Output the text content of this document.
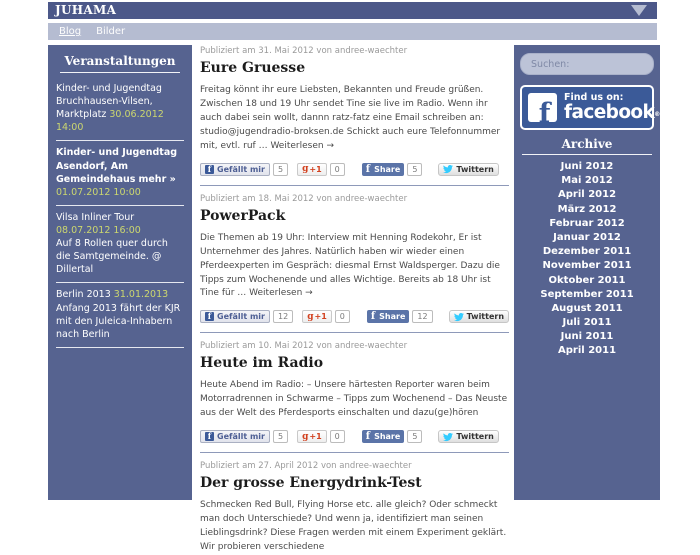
JUHAMA
Blog Bilder
Veranstaltungen
Kinder- und Jugendtag Bruchhausen-Vilsen, Marktplatz 30.06.2012 14:00
Kinder- und Jugendtag Asendorf, Am Gemeindehaus mehr » 01.07.2012 10:00
Vilsa Inliner Tour 08.07.2012 16:00
Auf 8 Rollen quer durch die Samtgemeinde. @ Dillertal
Berlin 2013 31.01.2013
Anfang 2013 fährt der KJR mit den Juleica-Inhabern nach Berlin
Publiziert am 31. Mai 2012 von andree-waechter
Eure Gruesse

Freitag könnt ihr eure Liebsten, Bekannten und Freude grüßen. Zwischen 18 und 19 Uhr sendet Tine sie live im Radio. Wenn ihr auch dabei sein wollt, dannn ratz-fatz eine Email schreiben an: studio@jugendradio-broksen.de Schickt auch eure Telefonnummer mit, evtl. ruf … Weiterlesen →

f Gefällt mir	5	g +1	0	f Share	5	Twittern
Publiziert am 18. Mai 2012 von andree-waechter
PowerPack

Die Themen ab 19 Uhr: Interview mit Henning Rodekohr, Er ist Unternehmer des Jahres. Natürlich haben wir wieder einen Pferdeexperten im Gespräch: diesmal Ernst Waldsperger. Dazu die Tipps zum Wochenende und alles Wichtige. Bereits ab 18 Uhr ist Tine für … Weiterlesen →

f Gefällt mir	12	g +1	0	f Share	12	Twittern
Publiziert am 10. Mai 2012 von andree-waechter
Heute im Radio

Heute Abend im Radio: – Unsere härtesten Reporter waren beim Motorradrennen in Schwarme – Tipps zum Wochenend – Das Neuste aus der Welt des Pferdesports einschalten und dazu(ge)hören

f Gefällt mir	5	g +1	0	f Share	5	Twittern
Publiziert am 27. April 2012 von andree-waechter
Der grosse Energydrink-Test

Schmecken Red Bull, Flying Horse etc. alle gleich? Oder schmeckt man doch Unterschiede? Und wenn ja, identifiziert man seinen Lieblingsdrink? Diese Fragen werden mit einem Experiment geklärt. Wir probieren verschiedene

Suchen:
f
Find us on:
facebook®
Archive
Juni 2012
Mai 2012
April 2012
März 2012
Februar 2012
Januar 2012
Dezember 2011
November 2011
Oktober 2011
September 2011
August 2011
Juli 2011
Juni 2011
April 2011
